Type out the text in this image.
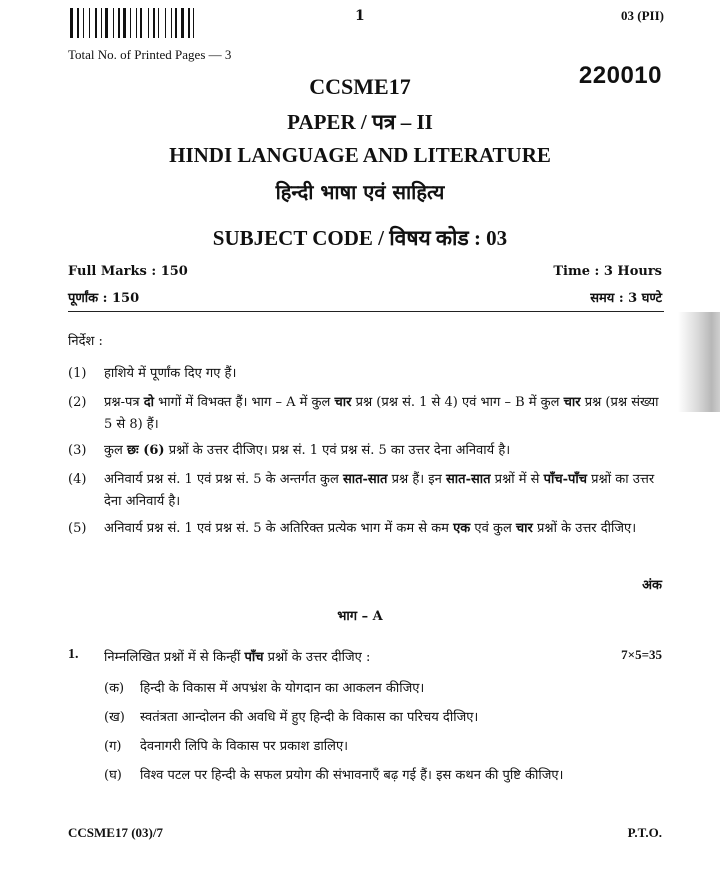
1	03 (PII)
Total No. of Printed Pages — 3
220010
CCSME17
PAPER / पत्र – II
HINDI LANGUAGE AND LITERATURE
हिन्दी भाषा एवं साहित्य
SUBJECT CODE / विषय कोड : 03
Full Marks : 150
पूर्णांक : 150
Time : 3 Hours
समय : 3 घण्टे
निर्देश :
(1)	हाशिये में पूर्णांक दिए गए हैं।
(2)	प्रश्न-पत्र दो भागों में विभक्त हैं। भाग – A में कुल चार प्रश्न (प्रश्न सं. 1 से 4) एवं भाग – B में कुल चार प्रश्न (प्रश्न संख्या 5 से 8) हैं।
(3)	कुल छः (6) प्रश्नों के उत्तर दीजिए। प्रश्न सं. 1 एवं प्रश्न सं. 5 का उत्तर देना अनिवार्य है।
(4)	अनिवार्य प्रश्न सं. 1 एवं प्रश्न सं. 5 के अन्तर्गत कुल सात-सात प्रश्न हैं। इन सात-सात प्रश्नों में से पाँच-पाँच प्रश्नों का उत्तर देना अनिवार्य है।
(5)	अनिवार्य प्रश्न सं. 1 एवं प्रश्न सं. 5 के अतिरिक्त प्रत्येक भाग में कम से कम एक एवं कुल चार प्रश्नों के उत्तर दीजिए।
अंक
भाग – A
1. निम्नलिखित प्रश्नों में से किन्हीं पाँच प्रश्नों के उत्तर दीजिए :	7×5=35
(क)	हिन्दी के विकास में अपभ्रंश के योगदान का आकलन कीजिए।
(ख)	स्वतंत्रता आन्दोलन की अवधि में हुए हिन्दी के विकास का परिचय दीजिए।
(ग)	देवनागरी लिपि के विकास पर प्रकाश डालिए।
(घ)	विश्व पटल पर हिन्दी के सफल प्रयोग की संभावनाएँ बढ़ गई हैं। इस कथन की पुष्टि कीजिए।
CCSME17 (03)/7	P.T.O.
